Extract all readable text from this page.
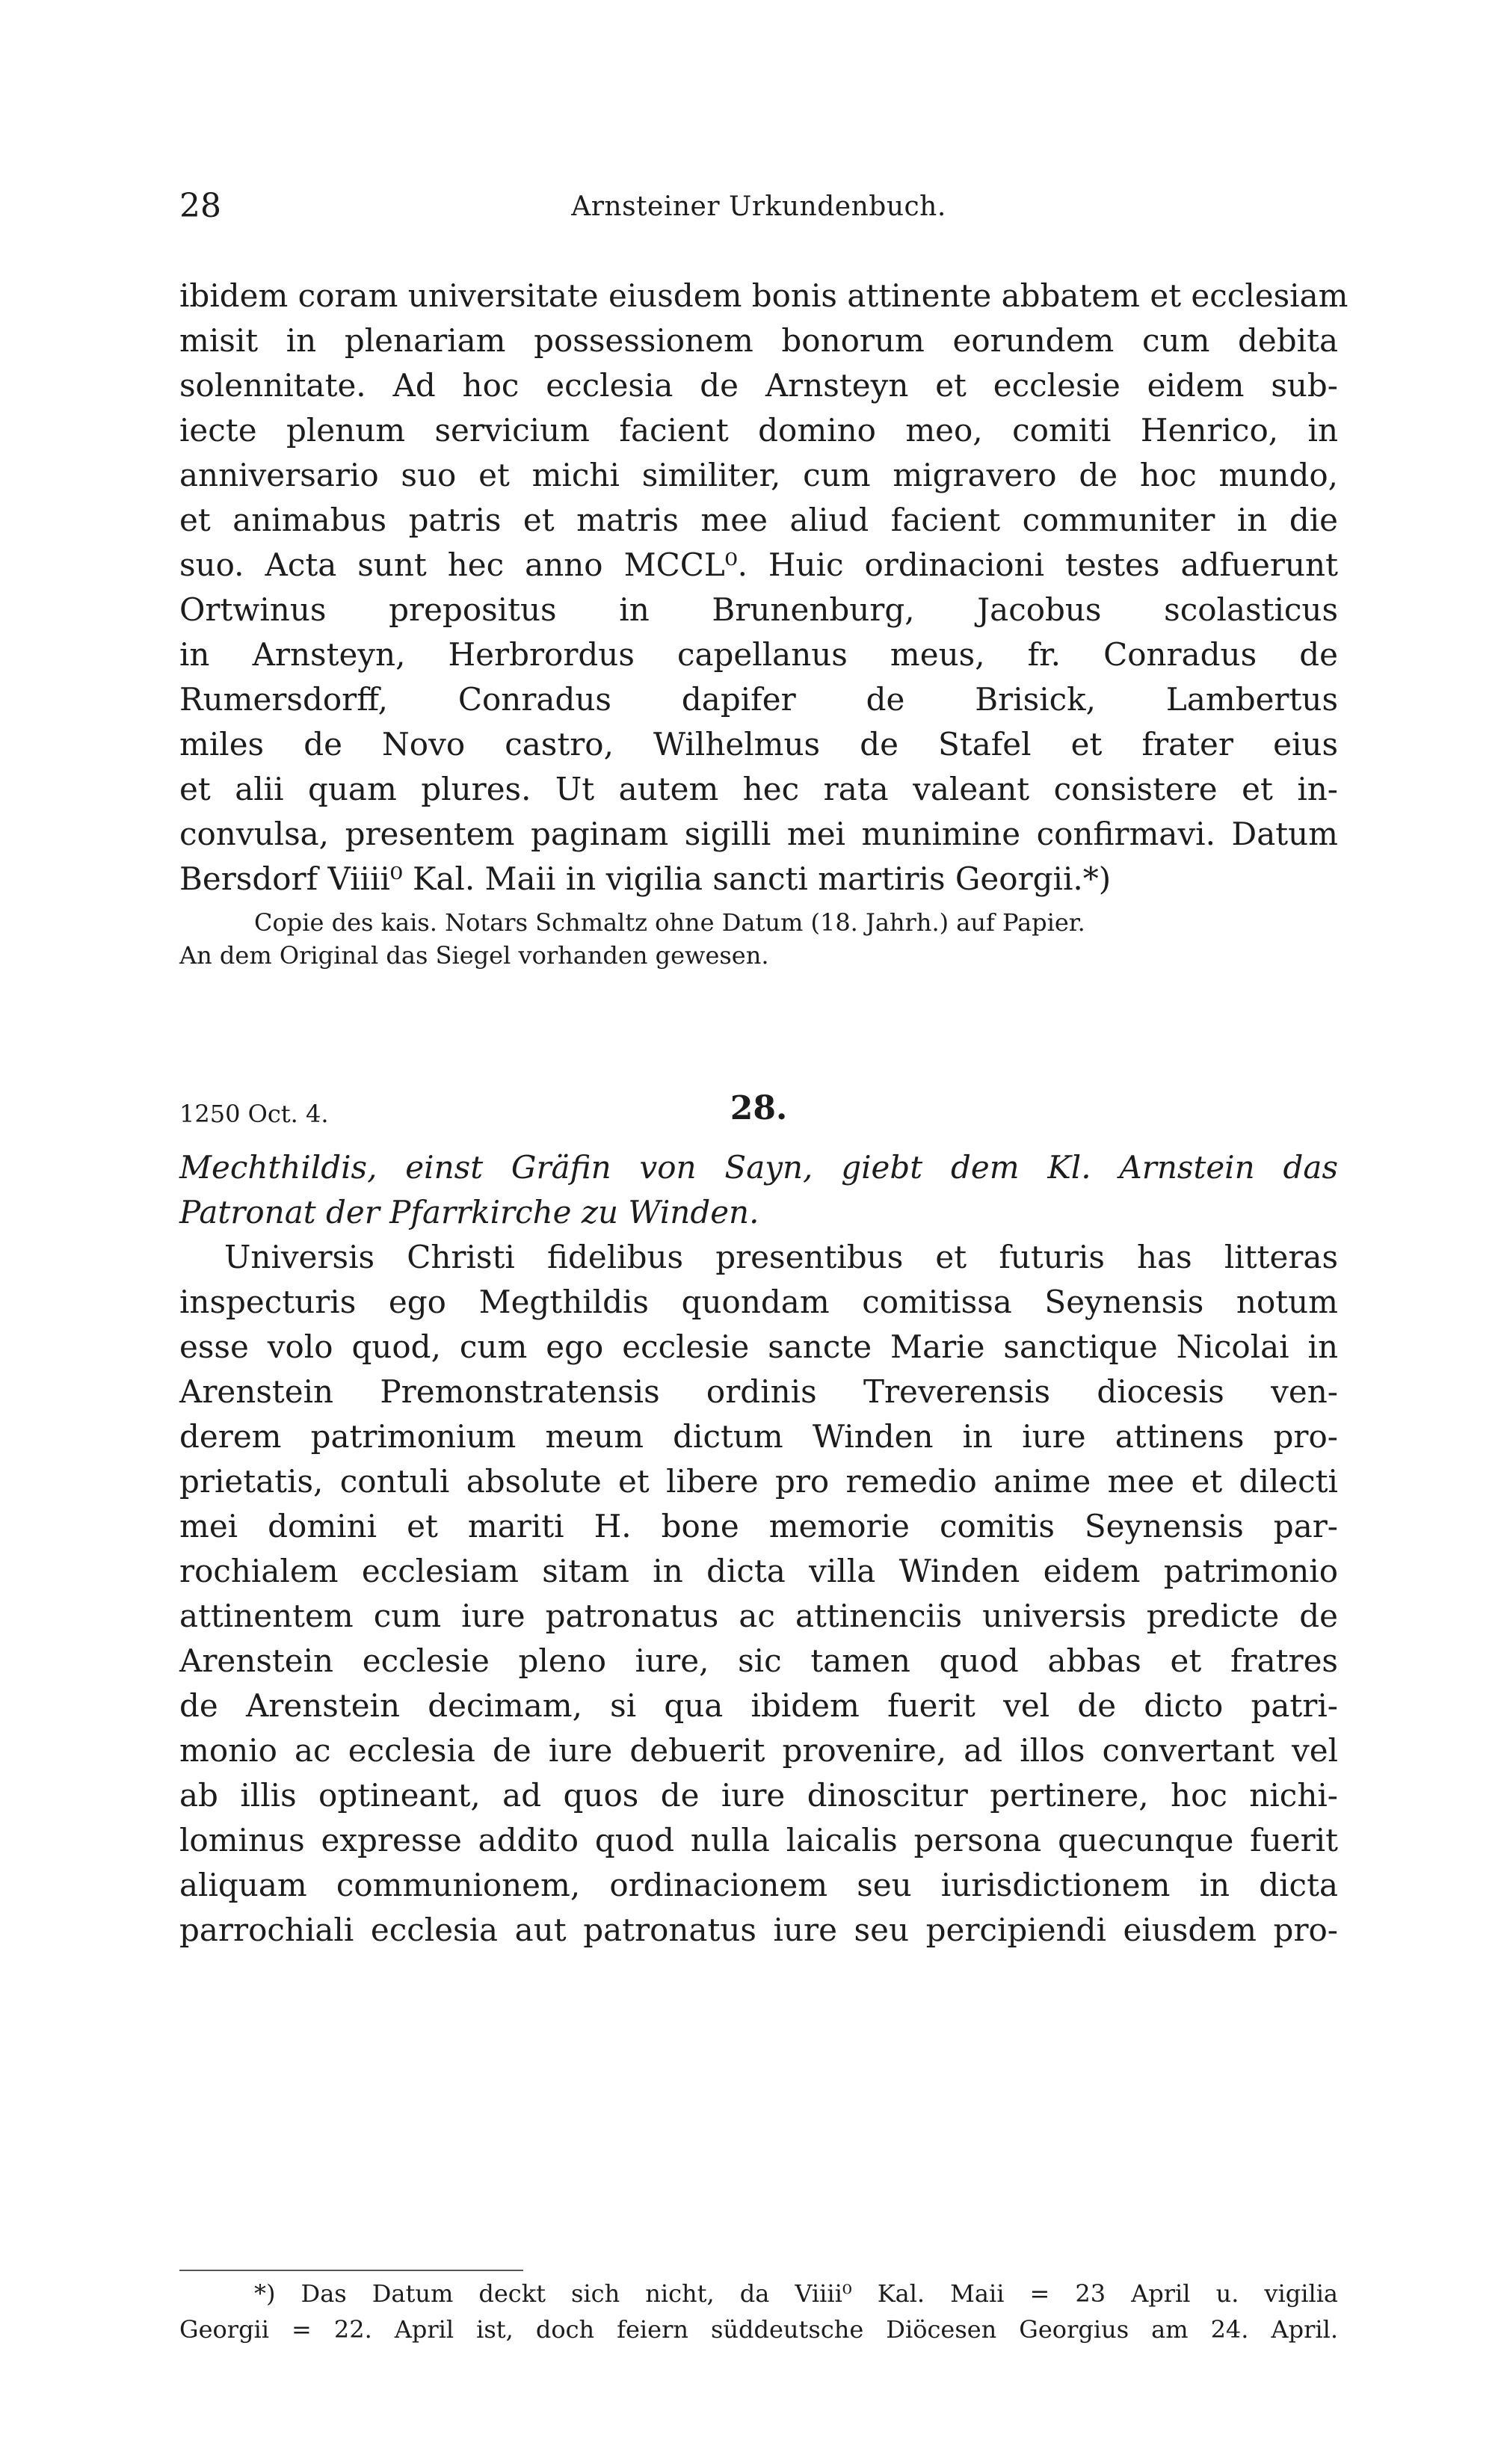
28	Arnsteiner Urkundenbuch.
ibidem coram universitate eiusdem bonis attinente abbatem et ecclesiam
misit in plenariam possessionem bonorum eorundem cum debita
solennitate. Ad hoc ecclesia de Arnsteyn et ecclesie eidem sub-
iecte plenum servicium facient domino meo, comiti Henrico, in
anniversario suo et michi similiter, cum migravero de hoc mundo,
et animabus patris et matris mee aliud facient communiter in die
suo. Acta sunt hec anno MCCL⁰. Huic ordinacioni testes adfuerunt
Ortwinus prepositus in Brunenburg, Jacobus scolasticus
in Arnsteyn, Herbrordus capellanus meus, fr. Conradus de
Rumersdorff, Conradus dapifer de Brisick, Lambertus
miles de Novo castro, Wilhelmus de Stafel et frater eius
et alii quam plures. Ut autem hec rata valeant consistere et in-
convulsa, presentem paginam sigilli mei munimine confirmavi. Datum
Bersdorf Viiii⁰ Kal. Maii in vigilia sancti martiris Georgii.*)
Copie des kais. Notars Schmaltz ohne Datum (18. Jahrh.) auf Papier.
An dem Original das Siegel vorhanden gewesen.
1250 Oct. 4.	28.
Mechthildis, einst Gräfin von Sayn, giebt dem Kl. Arnstein das
Patronat der Pfarrkirche zu Winden.
Universis Christi fidelibus presentibus et futuris has litteras
inspecturis ego Megthildis quondam comitissa Seynensis notum
esse volo quod, cum ego ecclesie sancte Marie sanctique Nicolai in
Arenstein Premonstratensis ordinis Treverensis diocesis ven-
derem patrimonium meum dictum Winden in iure attinens pro-
prietatis, contuli absolute et libere pro remedio anime mee et dilecti
mei domini et mariti H. bone memorie comitis Seynensis par-
rochialem ecclesiam sitam in dicta villa Winden eidem patrimonio
attinentem cum iure patronatus ac attinenciis universis predicte de
Arenstein ecclesie pleno iure, sic tamen quod abbas et fratres
de Arenstein decimam, si qua ibidem fuerit vel de dicto patri-
monio ac ecclesia de iure debuerit provenire, ad illos convertant vel
ab illis optineant, ad quos de iure dinoscitur pertinere, hoc nichi-
lominus expresse addito quod nulla laicalis persona quecunque fuerit
aliquam communionem, ordinacionem seu iurisdictionem in dicta
parrochiali ecclesia aut patronatus iure seu percipiendi eiusdem pro-
*) Das Datum deckt sich nicht, da Viiii⁰ Kal. Maii = 23 April u. vigilia
Georgii = 22. April ist, doch feiern süddeutsche Diöcesen Georgius am 24. April.
